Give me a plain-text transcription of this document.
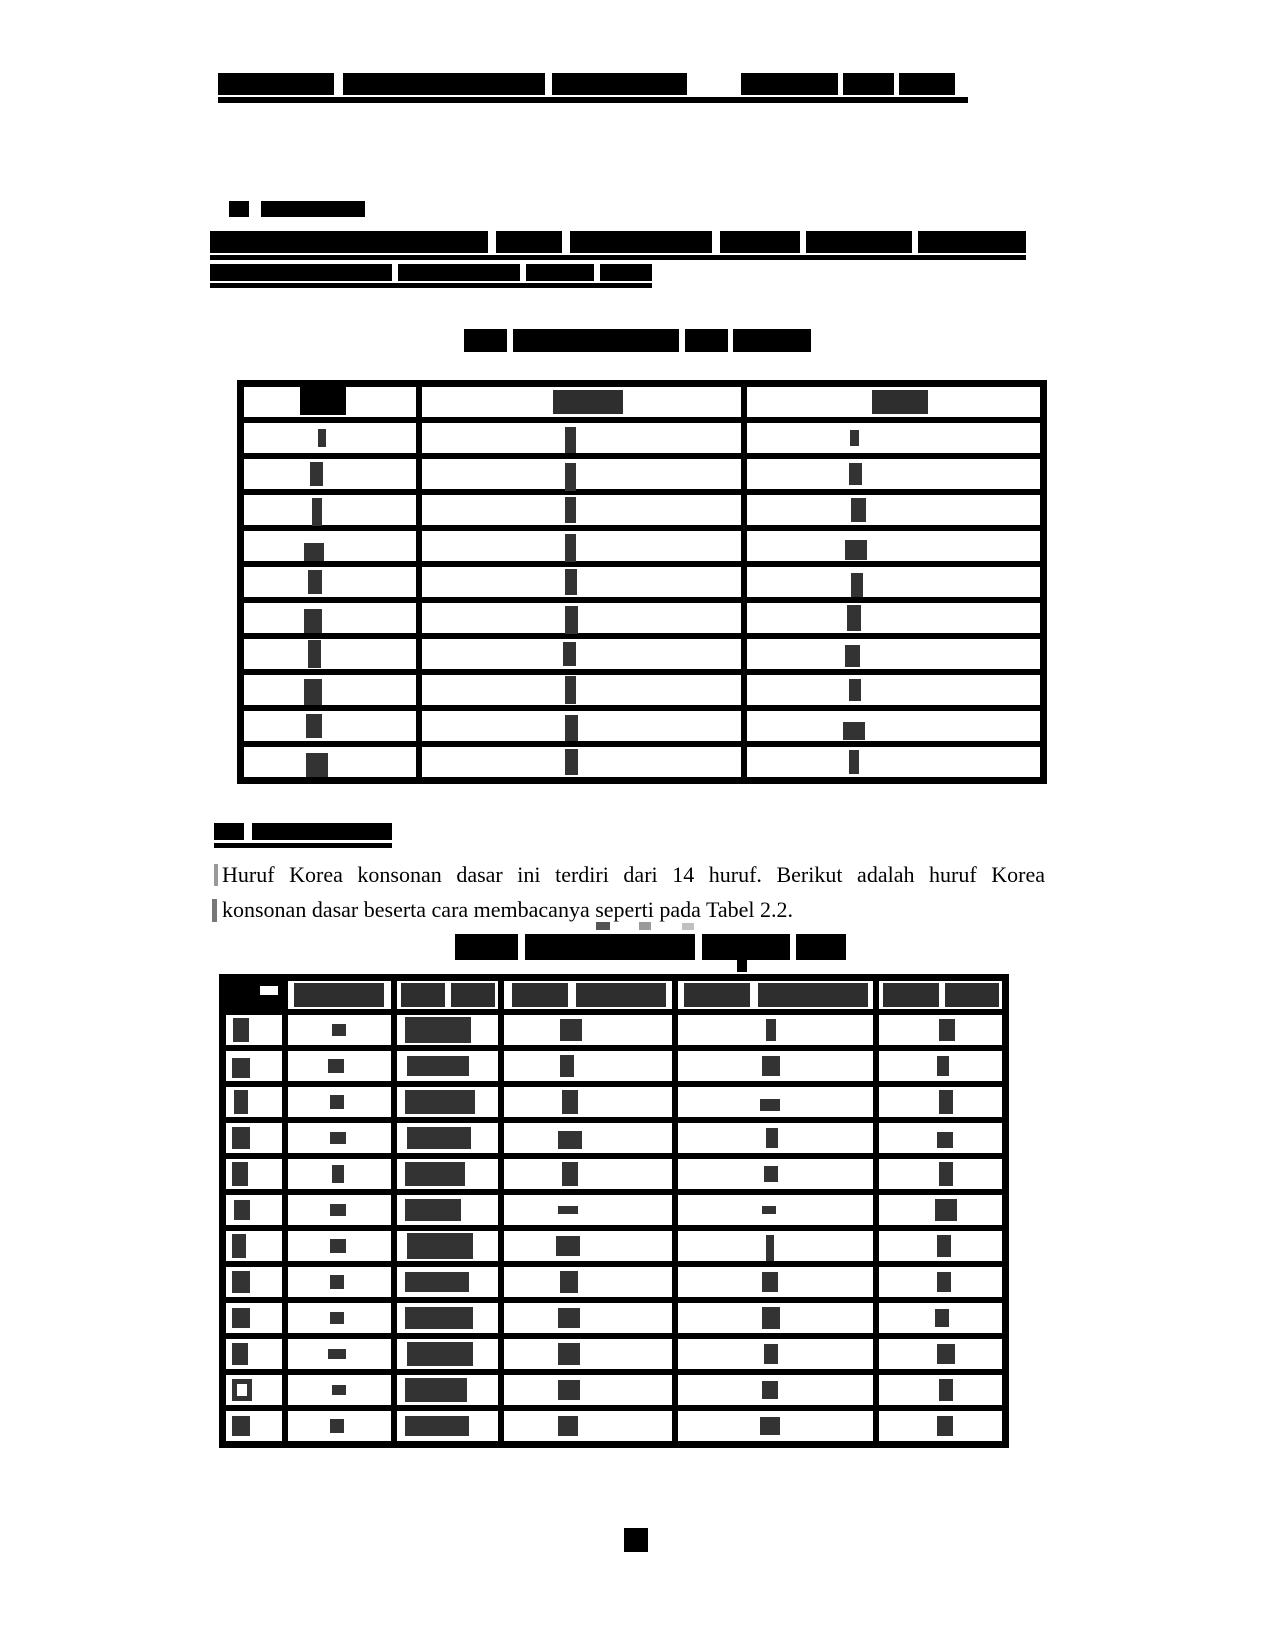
Huruf Korea konsonan dasar ini terdiri dari 14 huruf. Berikut adalah huruf Korea
konsonan dasar beserta cara membacanya seperti pada Tabel 2.2.
